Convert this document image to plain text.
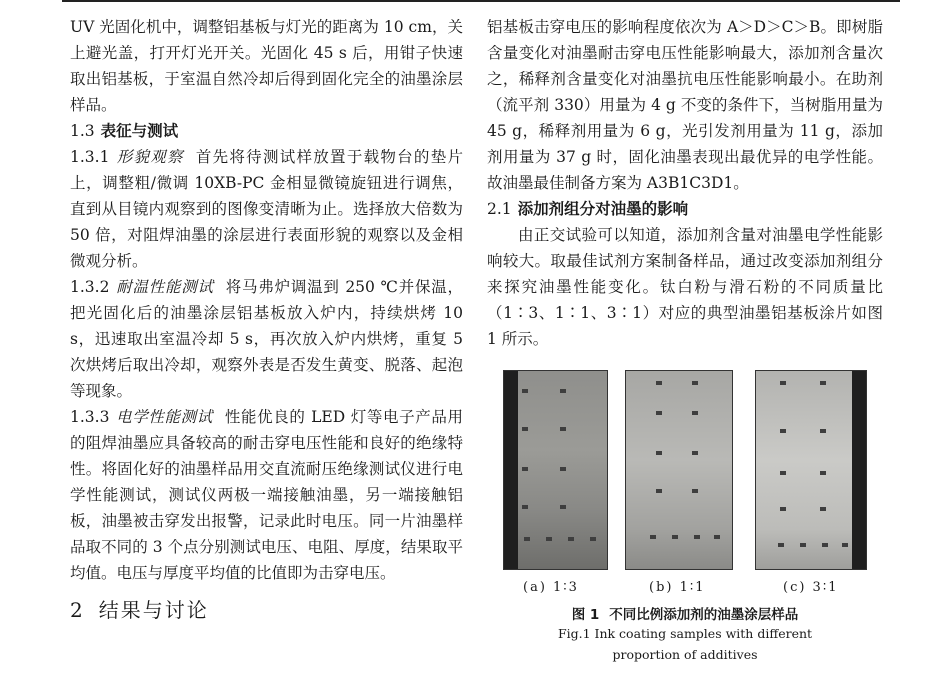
UV 光固化机中，调整铝基板与灯光的距离为 10 cm，关上避光盖，打开灯光开关。光固化 45 s 后，用钳子快速取出铝基板，于室温自然冷却后得到固化完全的油墨涂层样品。

1.3 表征与测试

1.3.1 形貌观察 首先将待测试样放置于载物台的垫片上，调整粗/微调 10XB-PC 金相显微镜旋钮进行调焦，直到从目镜内观察到的图像变清晰为止。选择放大倍数为 50 倍，对阻焊油墨的涂层进行表面形貌的观察以及金相微观分析。

1.3.2 耐温性能测试 将马弗炉调温到 250 ℃并保温，把光固化后的油墨涂层铝基板放入炉内，持续烘烤 10 s，迅速取出室温冷却 5 s，再次放入炉内烘烤，重复 5 次烘烤后取出冷却，观察外表是否发生黄变、脱落、起泡等现象。

1.3.3 电学性能测试 性能优良的 LED 灯等电子产品用的阻焊油墨应具备较高的耐击穿电压性能和良好的绝缘特性。将固化好的油墨样品用交直流耐压绝缘测试仪进行电学性能测试，测试仪两极一端接触油墨，另一端接触铝板，油墨被击穿发出报警，记录此时电压。同一片油墨样品取不同的 3 个点分别测试电压、电阻、厚度，结果取平均值。电压与厚度平均值的比值即为击穿电压。

2 结果与讨论

铝基板击穿电压的影响程度依次为 A＞D＞C＞B。即树脂含量变化对油墨耐击穿电压性能影响最大，添加剂含量次之，稀释剂含量变化对油墨抗电压性能影响最小。在助剂（流平剂 330）用量为 4 g 不变的条件下，当树脂用量为 45 g，稀释剂用量为 6 g，光引发剂用量为 11 g，添加剂用量为 37 g 时，固化油墨表现出最优异的电学性能。故油墨最佳制备方案为 A3B1C3D1。

2.1 添加剂组分对油墨的影响

由正交试验可以知道，添加剂含量对油墨电学性能影响较大。取最佳试剂方案制备样品，通过改变添加剂组分来探究油墨性能变化。钛白粉与滑石粉的不同质量比（1∶3、1∶1、3∶1）对应的典型油墨铝基板涂片如图 1 所示。

(a) 1∶3	(b) 1∶1	(c) 3∶1
图 1 不同比例添加剂的油墨涂层样品
Fig.1 Ink coating samples with different
proportion of additives
